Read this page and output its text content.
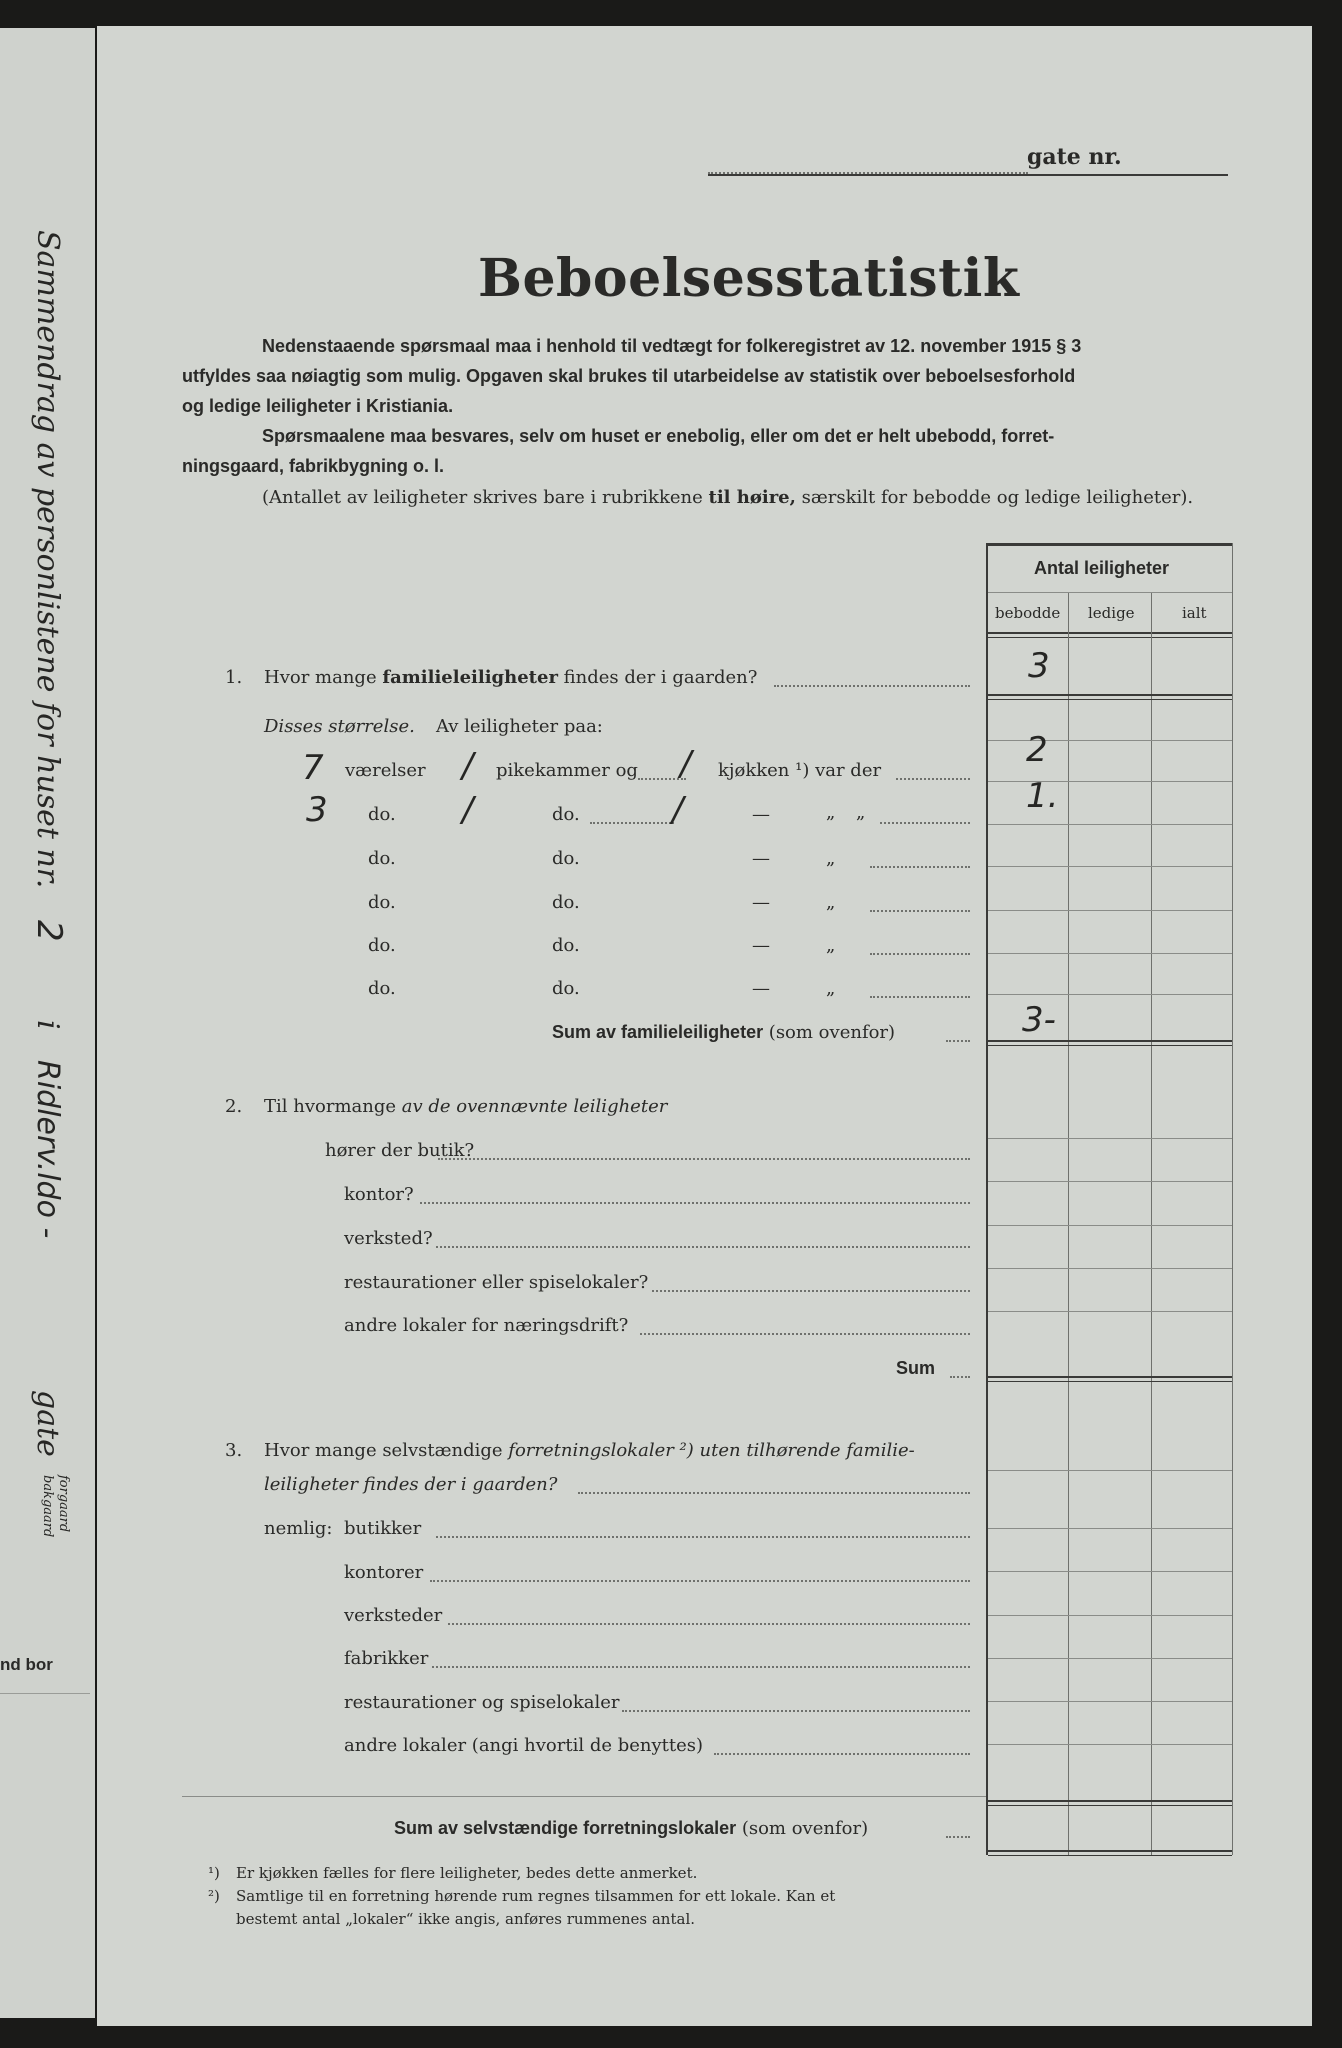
Sammendrag av personlistene for huset nr.
2
i
Ridlerv.ldo -
gate
forgaard
bakgaard
nd bor
gate nr.
Beboelsesstatistik
Nedenstaaende spørsmaal maa i henhold til vedtægt for folkeregistret av 12. november 1915 § 3
utfyldes saa nøiagtig som mulig. Opgaven skal brukes til utarbeidelse av statistik over beboelsesforhold
og ledige leiligheter i Kristiania.
Spørsmaalene maa besvares, selv om huset er enebolig, eller om det er helt ubebodd, forret-
ningsgaard, fabrikbygning o. l.
(Antallet av leiligheter skrives bare i rubrikkene til høire, særskilt for bebodde og ledige leiligheter).
Antal leiligheter
bebodde ledige	ialt
1. Hvor mange familieleiligheter findes der i gaarden?	3
Disses størrelse. Av leiligheter paa:
7 værelser / pikekammer og / kjøkken ¹) var der
2
3 do. /	do.	/	—	„ „	1.
do.	do.	—	„
do.	do.	—	„
do.	do.	—	„
do.	do.	—	„
Sum av familieleiligheter (som ovenfor)	3-
2. Til hvormange av de ovennævnte leiligheter
hører der butik?
kontor?
verksted?
restaurationer eller spiselokaler?
andre lokaler for næringsdrift?
Sum
3. Hvor mange selvstændige forretningslokaler ²) uten tilhørende familie-
leiligheter findes der i gaarden?
nemlig: butikker
kontorer
verksteder
fabrikker
restaurationer og spiselokaler
andre lokaler (angi hvortil de benyttes)
Sum av selvstændige forretningslokaler (som ovenfor)
¹) Er kjøkken fælles for flere leiligheter, bedes dette anmerket.
²) Samtlige til en forretning hørende rum regnes tilsammen for ett lokale. Kan et
bestemt antal „lokaler“ ikke angis, anføres rummenes antal.
